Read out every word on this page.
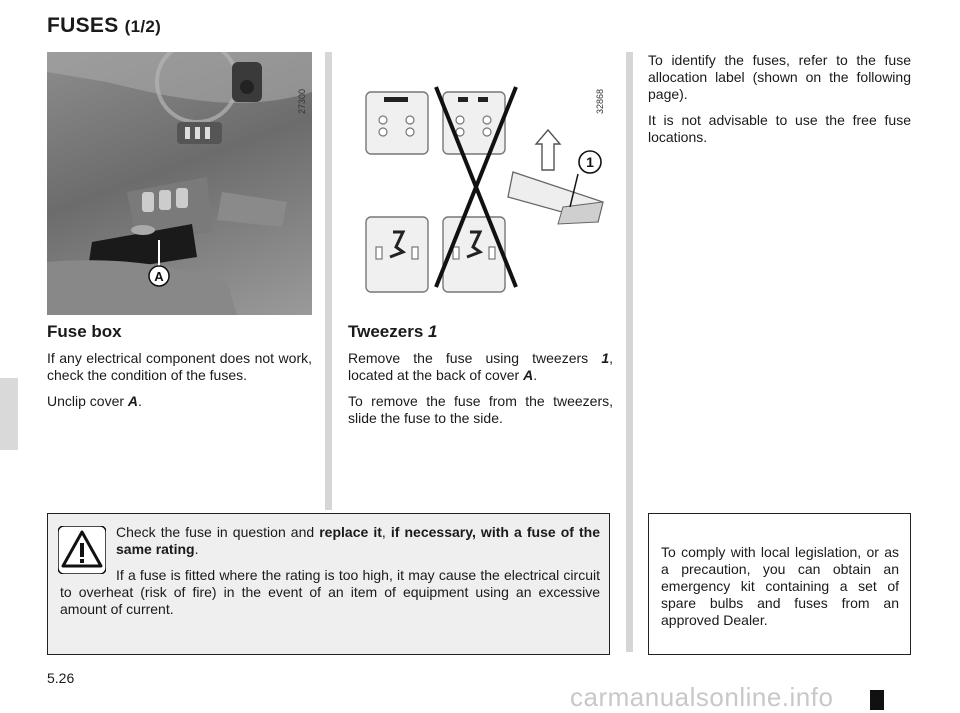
FUSES (1/2)
A
27300
1
32868
Fuse box

If any electrical component does not work, check the condition of the fuses.

Unclip cover A.

Tweezers 1

Remove the fuse using tweezers 1, located at the back of cover A.

To remove the fuse from the tweezers, slide the fuse to the side.

To identify the fuses, refer to the fuse allocation label (shown on the following page).

It is not advisable to use the free fuse locations.

Check the fuse in question and replace it, if necessary, with a fuse of the same rating.

If a fuse is fitted where the rating is too high, it may cause the electrical circuit to overheat (risk of fire) in the event of an item of equipment using an excessive amount of current.

To comply with local legislation, or as a precaution, you can obtain an emergency kit containing a set of spare bulbs and fuses from an approved Dealer.
5.26
carmanualsonline.info
